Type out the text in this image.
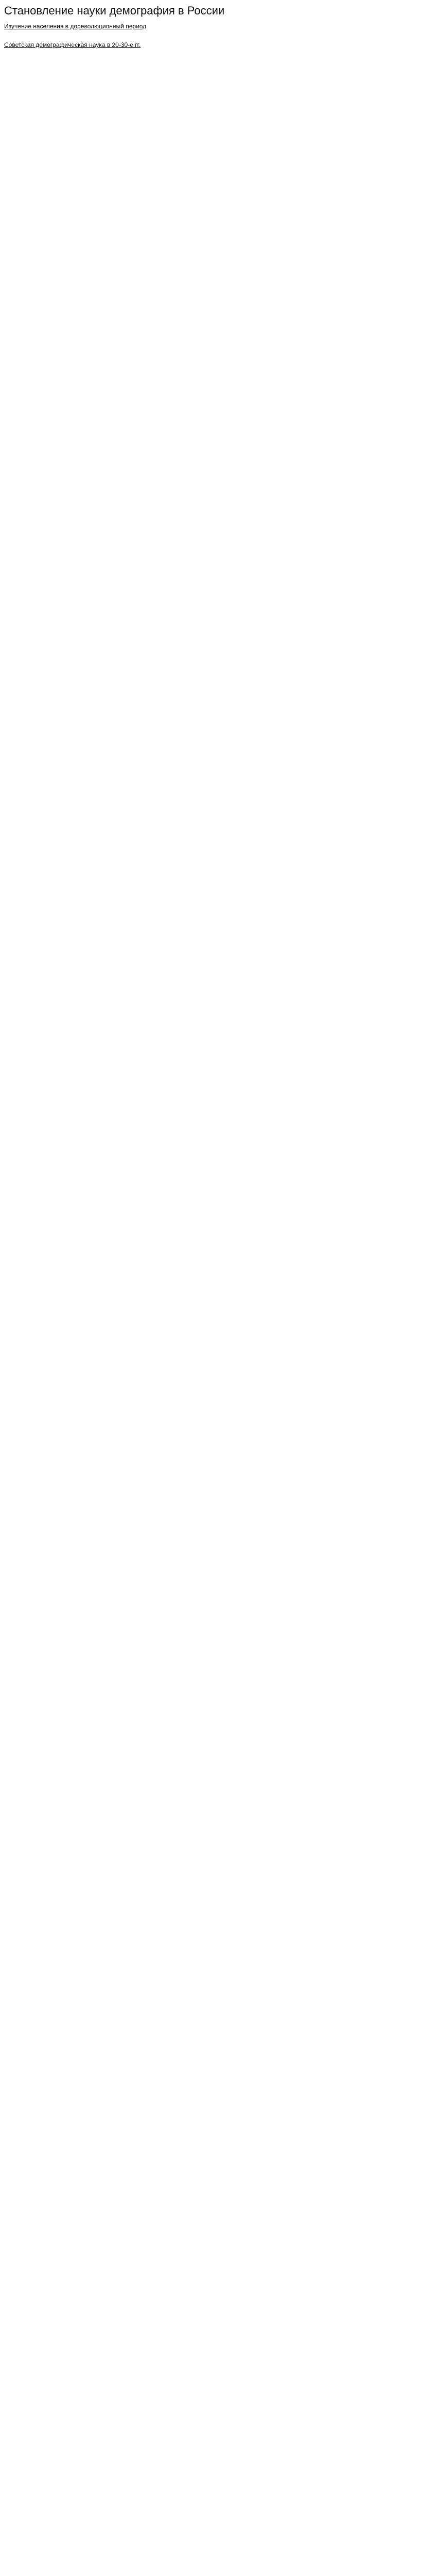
Становление науки демография в России
Изучение населения в дореволюционный период
Советская демографическая наука в 20-30-е гг.
